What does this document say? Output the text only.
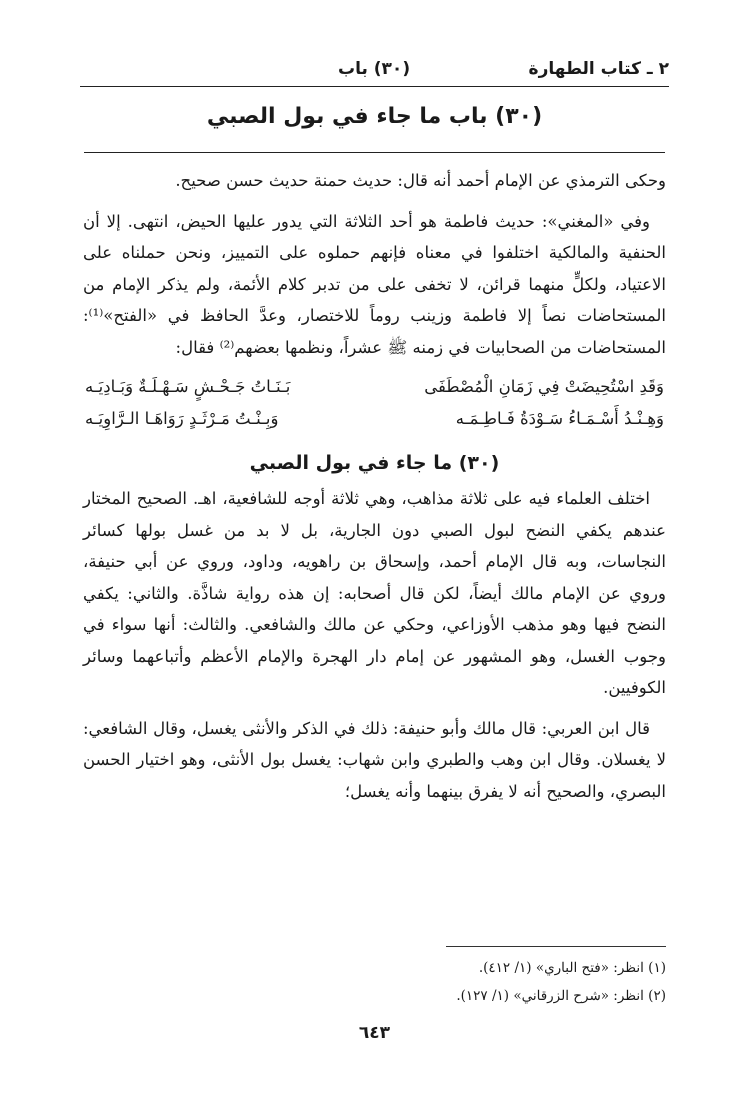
٢ ـ كتاب الطهارة
(٣٠) باب
(٣٠) باب ما جاء في بول الصبي

وحكى الترمذي عن الإمام أحمد أنه قال: حديث حمنة حديث حسن صحيح.

وفي «المغني»: حديث فاطمة هو أحد الثلاثة التي يدور عليها الحيض، انتهى. إلا أن الحنفية والمالكية اختلفوا في معناه فإنهم حملوه على التمييز، ونحن حملناه على الاعتياد، ولكلٍّ منهما قرائن، لا تخفى على من تدبر كلام الأئمة، ولم يذكر الإمام من المستحاضات نصاً إلا فاطمة وزينب روماً للاختصار، وعدَّ الحافظ في «الفتح»⁽¹⁾: المستحاضات من الصحابيات في زمنه ﷺ عشراً، ونظمها بعضهم⁽²⁾ فقال:

وَقَدِ اسْتُحِيضَتْ فِي زَمَانِ الْمُصْطَفَى
بَـنَـاتُ جَـحْـشٍ سَـهْـلَـةٌ وَبَـادِيَـه
وَهِـنْـدُ أَسْـمَـاءُ سَـوْدَةُ فَـاطِـمَـه
وَبِـنْـتُ مَـرْثَـدٍ رَوَاهَـا الـرَّاوِيَـه
(٣٠) ما جاء في بول الصبي

اختلف العلماء فيه على ثلاثة مذاهب، وهي ثلاثة أوجه للشافعية، اهـ. الصحيح المختار عندهم يكفي النضح لبول الصبي دون الجارية، بل لا بد من غسل بولها كسائر النجاسات، وبه قال الإمام أحمد، وإسحاق بن راهويه، وداود، وروي عن أبي حنيفة، وروي عن الإمام مالك أيضاً، لكن قال أصحابه: إن هذه رواية شاذَّة. والثاني: يكفي النضح فيها وهو مذهب الأوزاعي، وحكي عن مالك والشافعي. والثالث: أنها سواء في وجوب الغسل، وهو المشهور عن إمام دار الهجرة والإمام الأعظم وأتباعهما وسائر الكوفيين.

قال ابن العربي: قال مالك وأبو حنيفة: ذلك في الذكر والأنثى يغسل، وقال الشافعي: لا يغسلان. وقال ابن وهب والطبري وابن شهاب: يغسل بول الأنثى، وهو اختيار الحسن البصري، والصحيح أنه لا يفرق بينهما وأنه يغسل؛

(١) انظر: «فتح الباري» (١/ ٤١٢).
(٢) انظر: «شرح الزرقاني» (١/ ١٢٧).
٦٤٣
